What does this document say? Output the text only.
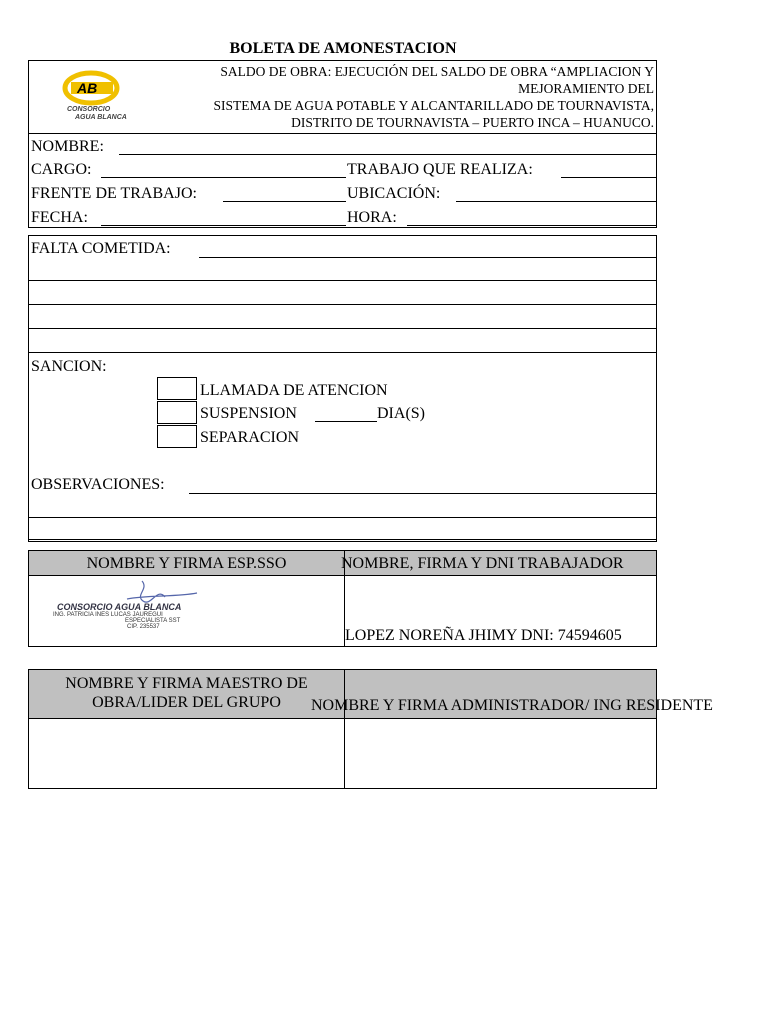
BOLETA DE AMONESTACION
AB
CONSORCIO
AGUA BLANCA
SALDO DE OBRA: EJECUCIÓN DEL SALDO DE OBRA “AMPLIACION Y
MEJORAMIENTO DEL
SISTEMA DE AGUA POTABLE Y ALCANTARILLADO DE TOURNAVISTA,
DISTRITO DE TOURNAVISTA – PUERTO INCA – HUANUCO.
NOMBRE:
CARGO:	TRABAJO QUE REALIZA:
FRENTE DE TRABAJO:	UBICACIÓN:
FECHA:	HORA:
FALTA COMETIDA:
SANCION:
LLAMADA DE ATENCION
SUSPENSION	DIA(S)
SEPARACION
OBSERVACIONES:
NOMBRE Y FIRMA ESP.SSO	NOMBRE, FIRMA Y DNI TRABAJADOR
CONSORCIO AGUA BLANCA
ING. PATRICIA INES LUCAS JAUREGUI
ESPECIALISTA SST
CIP. 235537	LOPEZ NOREÑA JHIMY DNI: 74594605
NOMBRE Y FIRMA MAESTRO DE
OBRA/LIDER DEL GRUPO	NOMBRE Y FIRMA ADMINISTRADOR/ ING RESIDENTE
